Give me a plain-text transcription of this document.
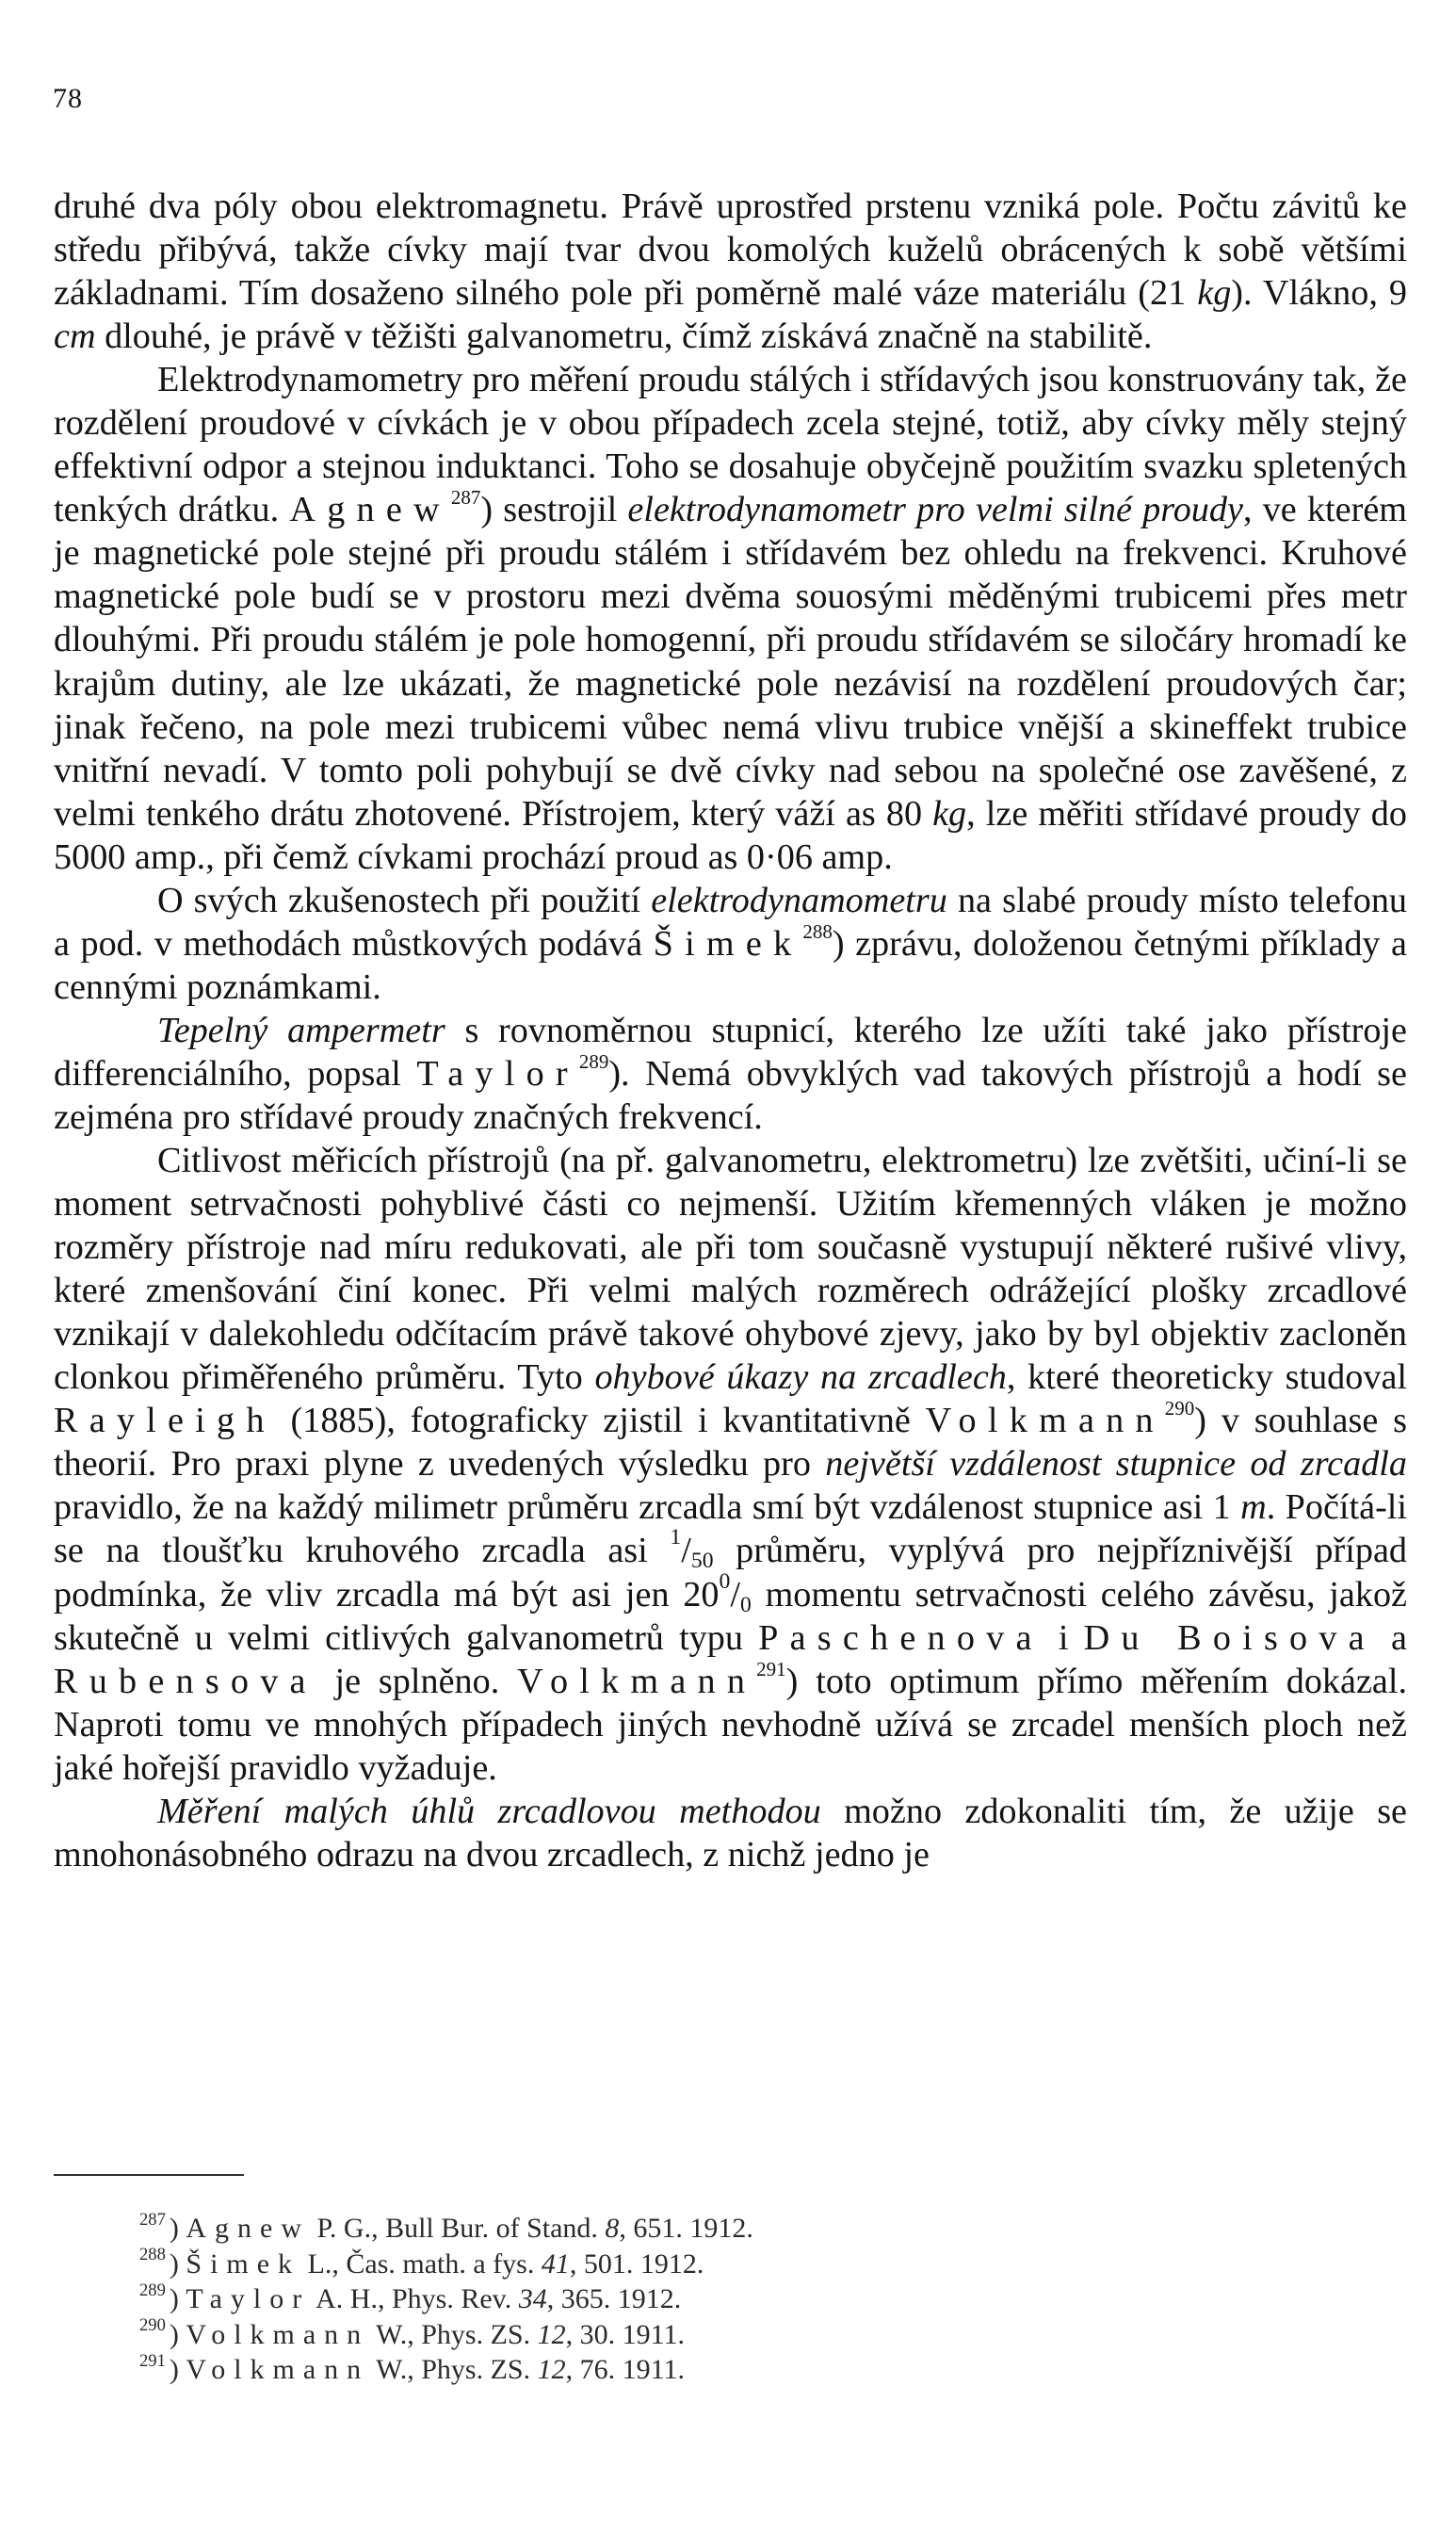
78

druhé dva póly obou elektromagnetu. Právě uprostřed prstenu vzniká pole. Počtu závitů ke středu přibývá, takže cívky mají tvar dvou komolých kuželů obrácených k sobě většími základnami. Tím dosaženo silného pole při poměrně malé váze materiálu (21 kg). Vlákno, 9 cm dlouhé, je právě v těžišti galvanometru, čímž získává značně na stabilitě.

Elektrodynamometry pro měření proudu stálých i střídavých jsou konstruovány tak, že rozdělení proudové v cívkách je v obou případech zcela stejné, totiž, aby cívky měly stejný effektivní odpor a stejnou induktanci. Toho se dosahuje obyčejně použitím svazku spletených tenkých drátku. Agnew$^{287}$) sestrojil elektrodynamometr pro velmi silné proudy, ve kterém je magnetické pole stejné při proudu stálém i střídavém bez ohledu na frekvenci. Kruhové magnetické pole budí se v prostoru mezi dvěma souosými měděnými trubicemi přes metr dlouhými. Při proudu stálém je pole homogenní, při proudu střídavém se siločáry hromadí ke krajům dutiny, ale lze ukázati, že magnetické pole nezávisí na rozdělení proudových čar; jinak řečeno, na pole mezi trubicemi vůbec nemá vlivu trubice vnější a skineffekt trubice vnitřní nevadí. V tomto poli pohybují se dvě cívky nad sebou na společné ose zavěšené, z velmi tenkého drátu zhotovené. Přístrojem, který váží as 80 kg, lze měřiti střídavé proudy do 5000 amp., při čemž cívkami prochází proud as 0·06 amp.

O svých zkušenostech při použití elektrodynamometru na slabé proudy místo telefonu a pod. v methodách můstkových podává Šimek$^{288}$) zprávu, doloženou četnými příklady a cennými poznámkami.

Tepelný ampermetr s rovnoměrnou stupnicí, kterého lze užíti také jako přístroje differenciálního, popsal Taylor$^{289}$). Nemá obvyklých vad takových přístrojů a hodí se zejména pro střídavé proudy značných frekvencí.

Citlivost měřicích přístrojů (na př. galvanometru, elektrometru) lze zvětšiti, učiní-li se moment setrvačnosti pohyblivé části co nejmenší. Užitím křemenných vláken je možno rozměry přístroje nad míru redukovati, ale při tom současně vystupují některé rušivé vlivy, které zmenšování činí konec. Při velmi malých rozměrech odrážející plošky zrcadlové vznikají v dalekohledu odčítacím právě takové ohybové zjevy, jako by byl objektiv zacloněn clonkou přiměřeného průměru. Tyto ohybové úkazy na zrcadlech, které theoreticky studoval Rayleigh (1885), fotograficky zjistil i kvantitativně Volkmann$^{290}$) v souhlase s theorií. Pro praxi plyne z uvedených výsledku pro největší vzdálenost stupnice od zrcadla pravidlo, že na každý milimetr průměru zrcadla smí být vzdálenost stupnice asi 1 m. Počítá-li se na tloušťku kruhového zrcadla asi $^1/_{50}$ průměru, vyplývá pro nejpříznivější případ podmínka, že vliv zrcadla má být asi jen $20^0/_0$ momentu setrvačnosti celého závěsu, jakož skutečně u velmi citlivých galvanometrů typu Paschenova i Du Boisova a Rubensova je splněno. Volkmann$^{291}$) toto optimum přímo měřením dokázal. Naproti tomu ve mnohých případech jiných nevhodně užívá se zrcadel menších ploch než jaké hořejší pravidlo vyžaduje.

Měření malých úhlů zrcadlovou methodou možno zdokonaliti tím, že užije se mnohonásobného odrazu na dvou zrcadlech, z nichž jedno je

$^{287}$ ) Agnew P. G., Bull Bur. of Stand. 8, 651. 1912.
$^{288}$ ) Šimek L., Čas. math. a fys. 41, 501. 1912.
$^{289}$ ) Taylor A. H., Phys. Rev. 34, 365. 1912.
$^{290}$ ) Volkmann W., Phys. ZS. 12, 30. 1911.
$^{291}$ ) Volkmann W., Phys. ZS. 12, 76. 1911.
